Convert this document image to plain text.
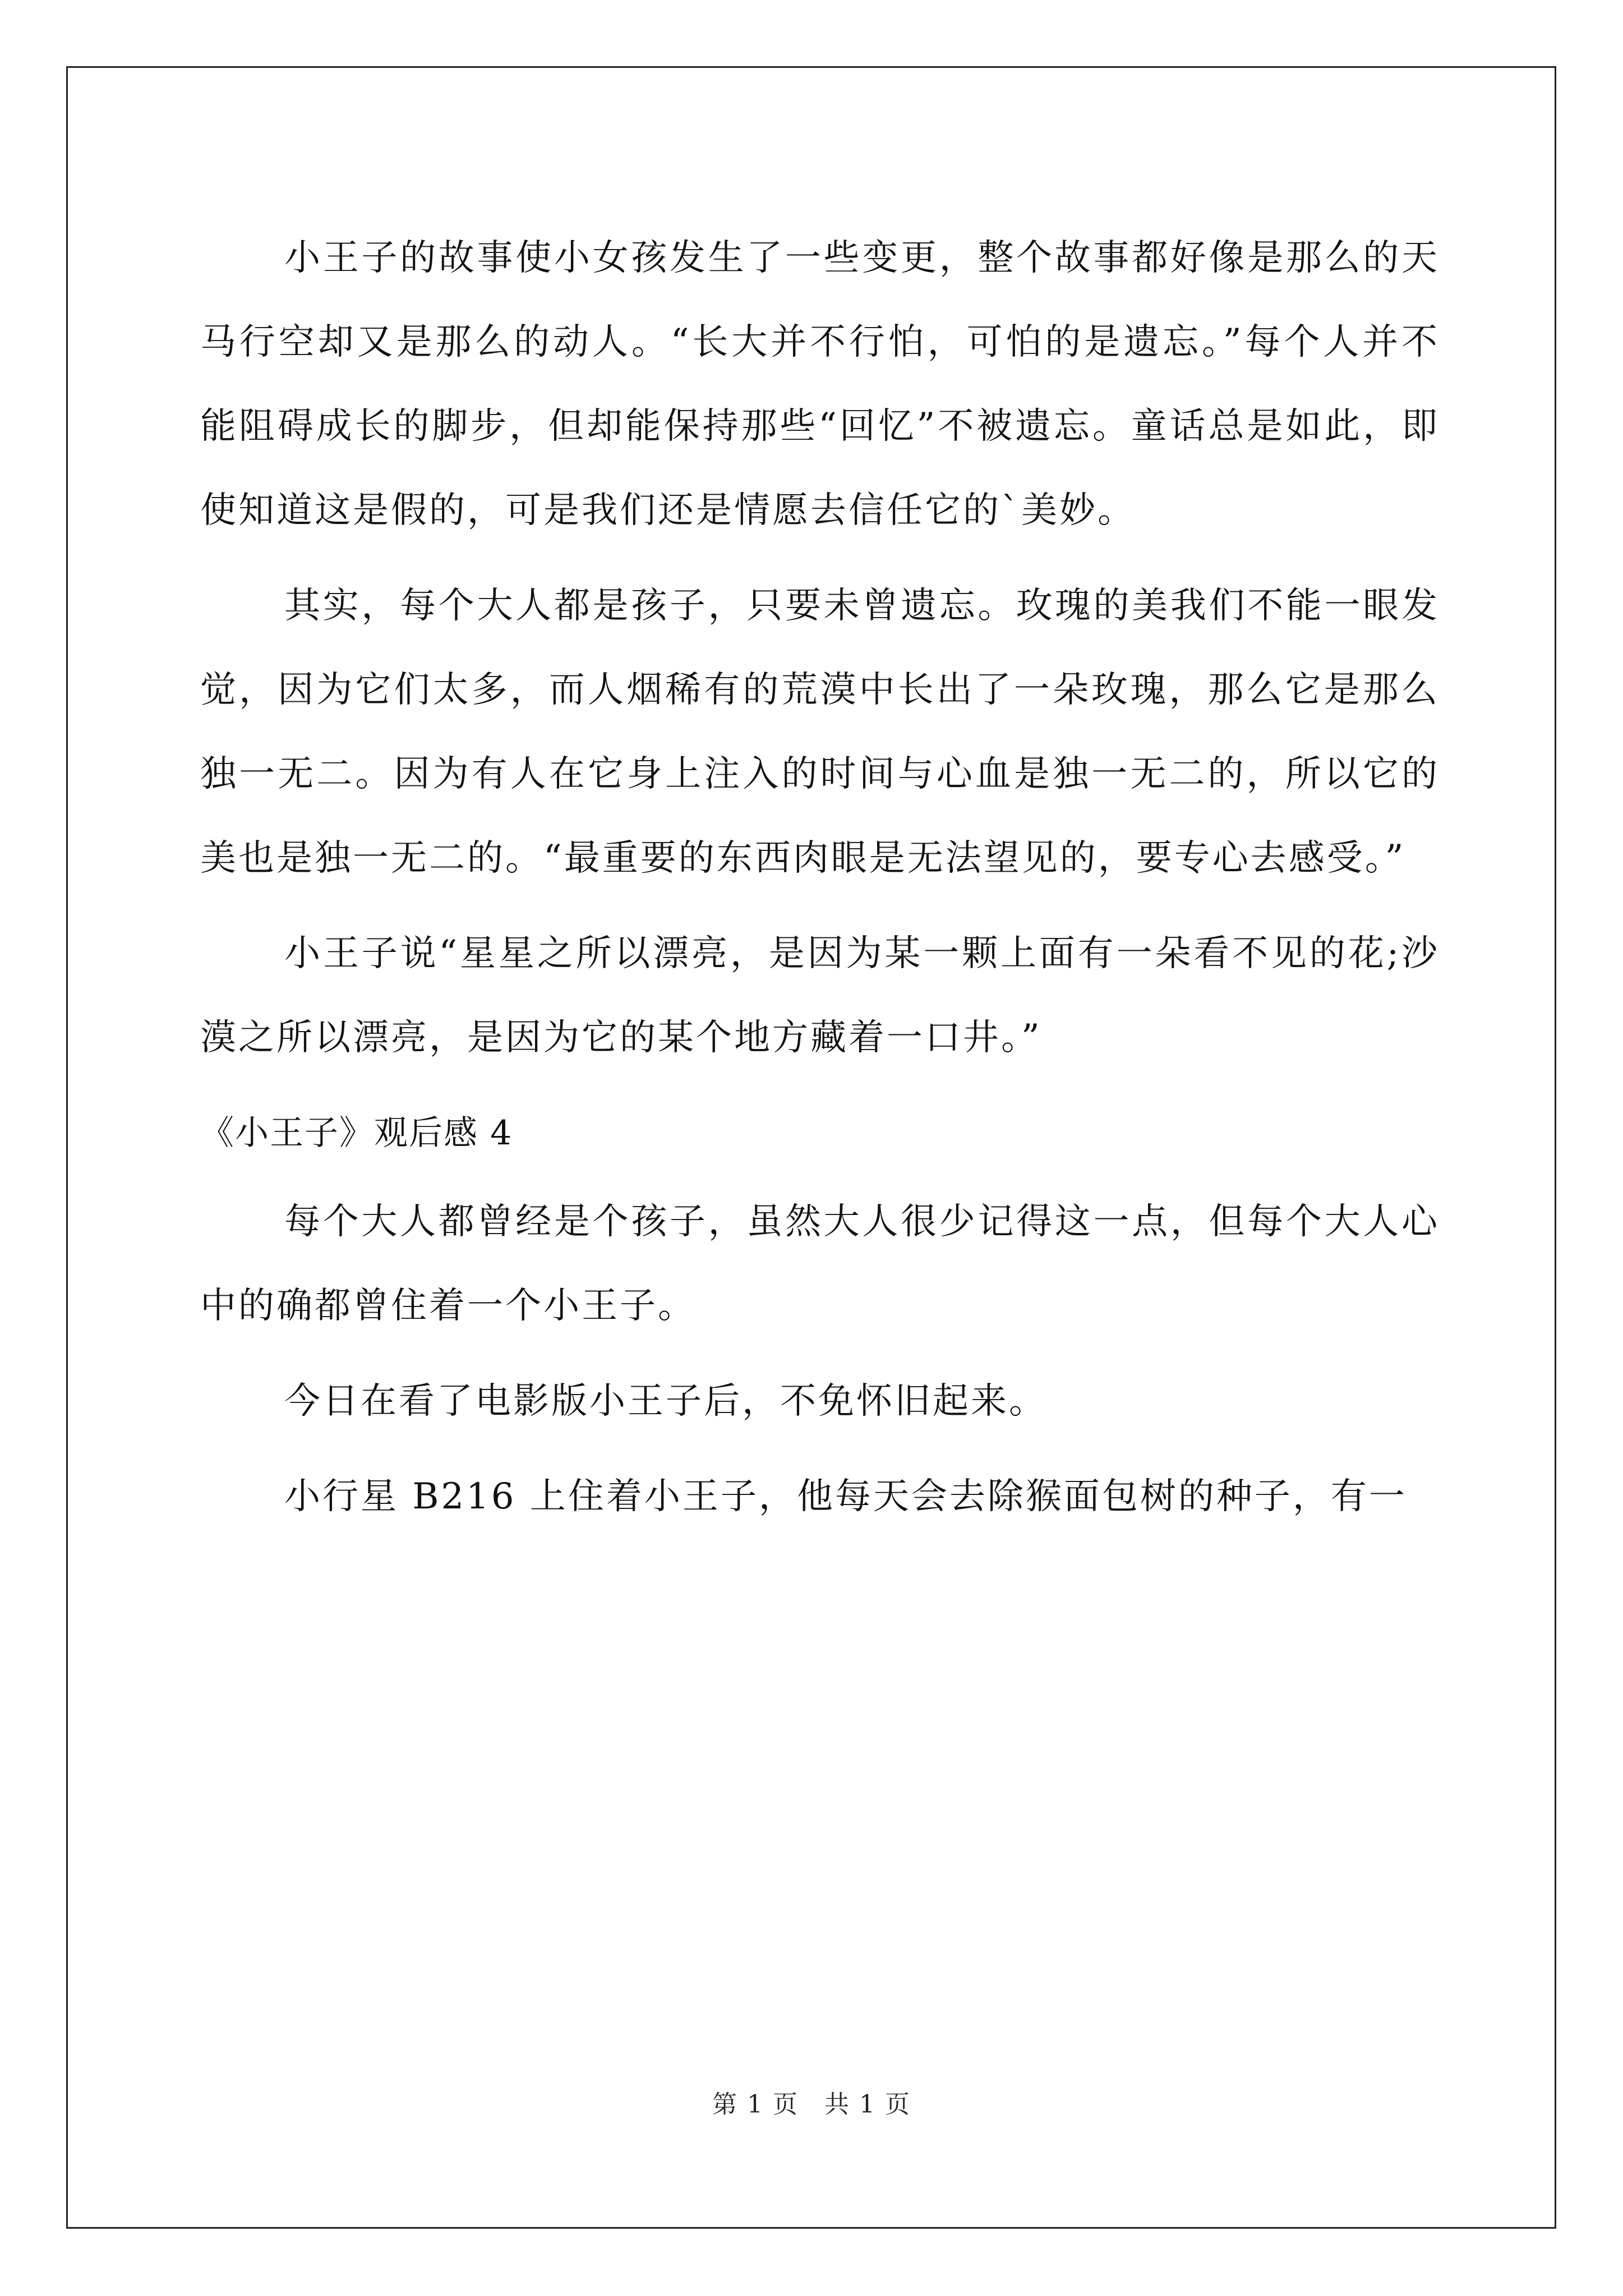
小王子的故事使小女孩发生了一些变更，整个故事都好像是那么的天马行空却又是那么的动人。“长大并不行怕，可怕的是遗忘。”每个人并不能阻碍成长的脚步，但却能保持那些“回忆”不被遗忘。童话总是如此，即使知道这是假的，可是我们还是情愿去信任它的`美妙。

其实，每个大人都是孩子，只要未曾遗忘。玫瑰的美我们不能一眼发觉，因为它们太多，而人烟稀有的荒漠中长出了一朵玫瑰，那么它是那么独一无二。因为有人在它身上注入的时间与心血是独一无二的，所以它的美也是独一无二的。“最重要的东西肉眼是无法望见的，要专心去感受。”

小王子说“星星之所以漂亮，是因为某一颗上面有一朵看不见的花;沙漠之所以漂亮，是因为它的某个地方藏着一口井。”

《小王子》观后感 4

每个大人都曾经是个孩子，虽然大人很少记得这一点，但每个大人心中的确都曾住着一个小王子。

今日在看了电影版小王子后，不免怀旧起来。

小行星 B216 上住着小王子，他每天会去除猴面包树的种子，有一

第 1 页　共 1 页
